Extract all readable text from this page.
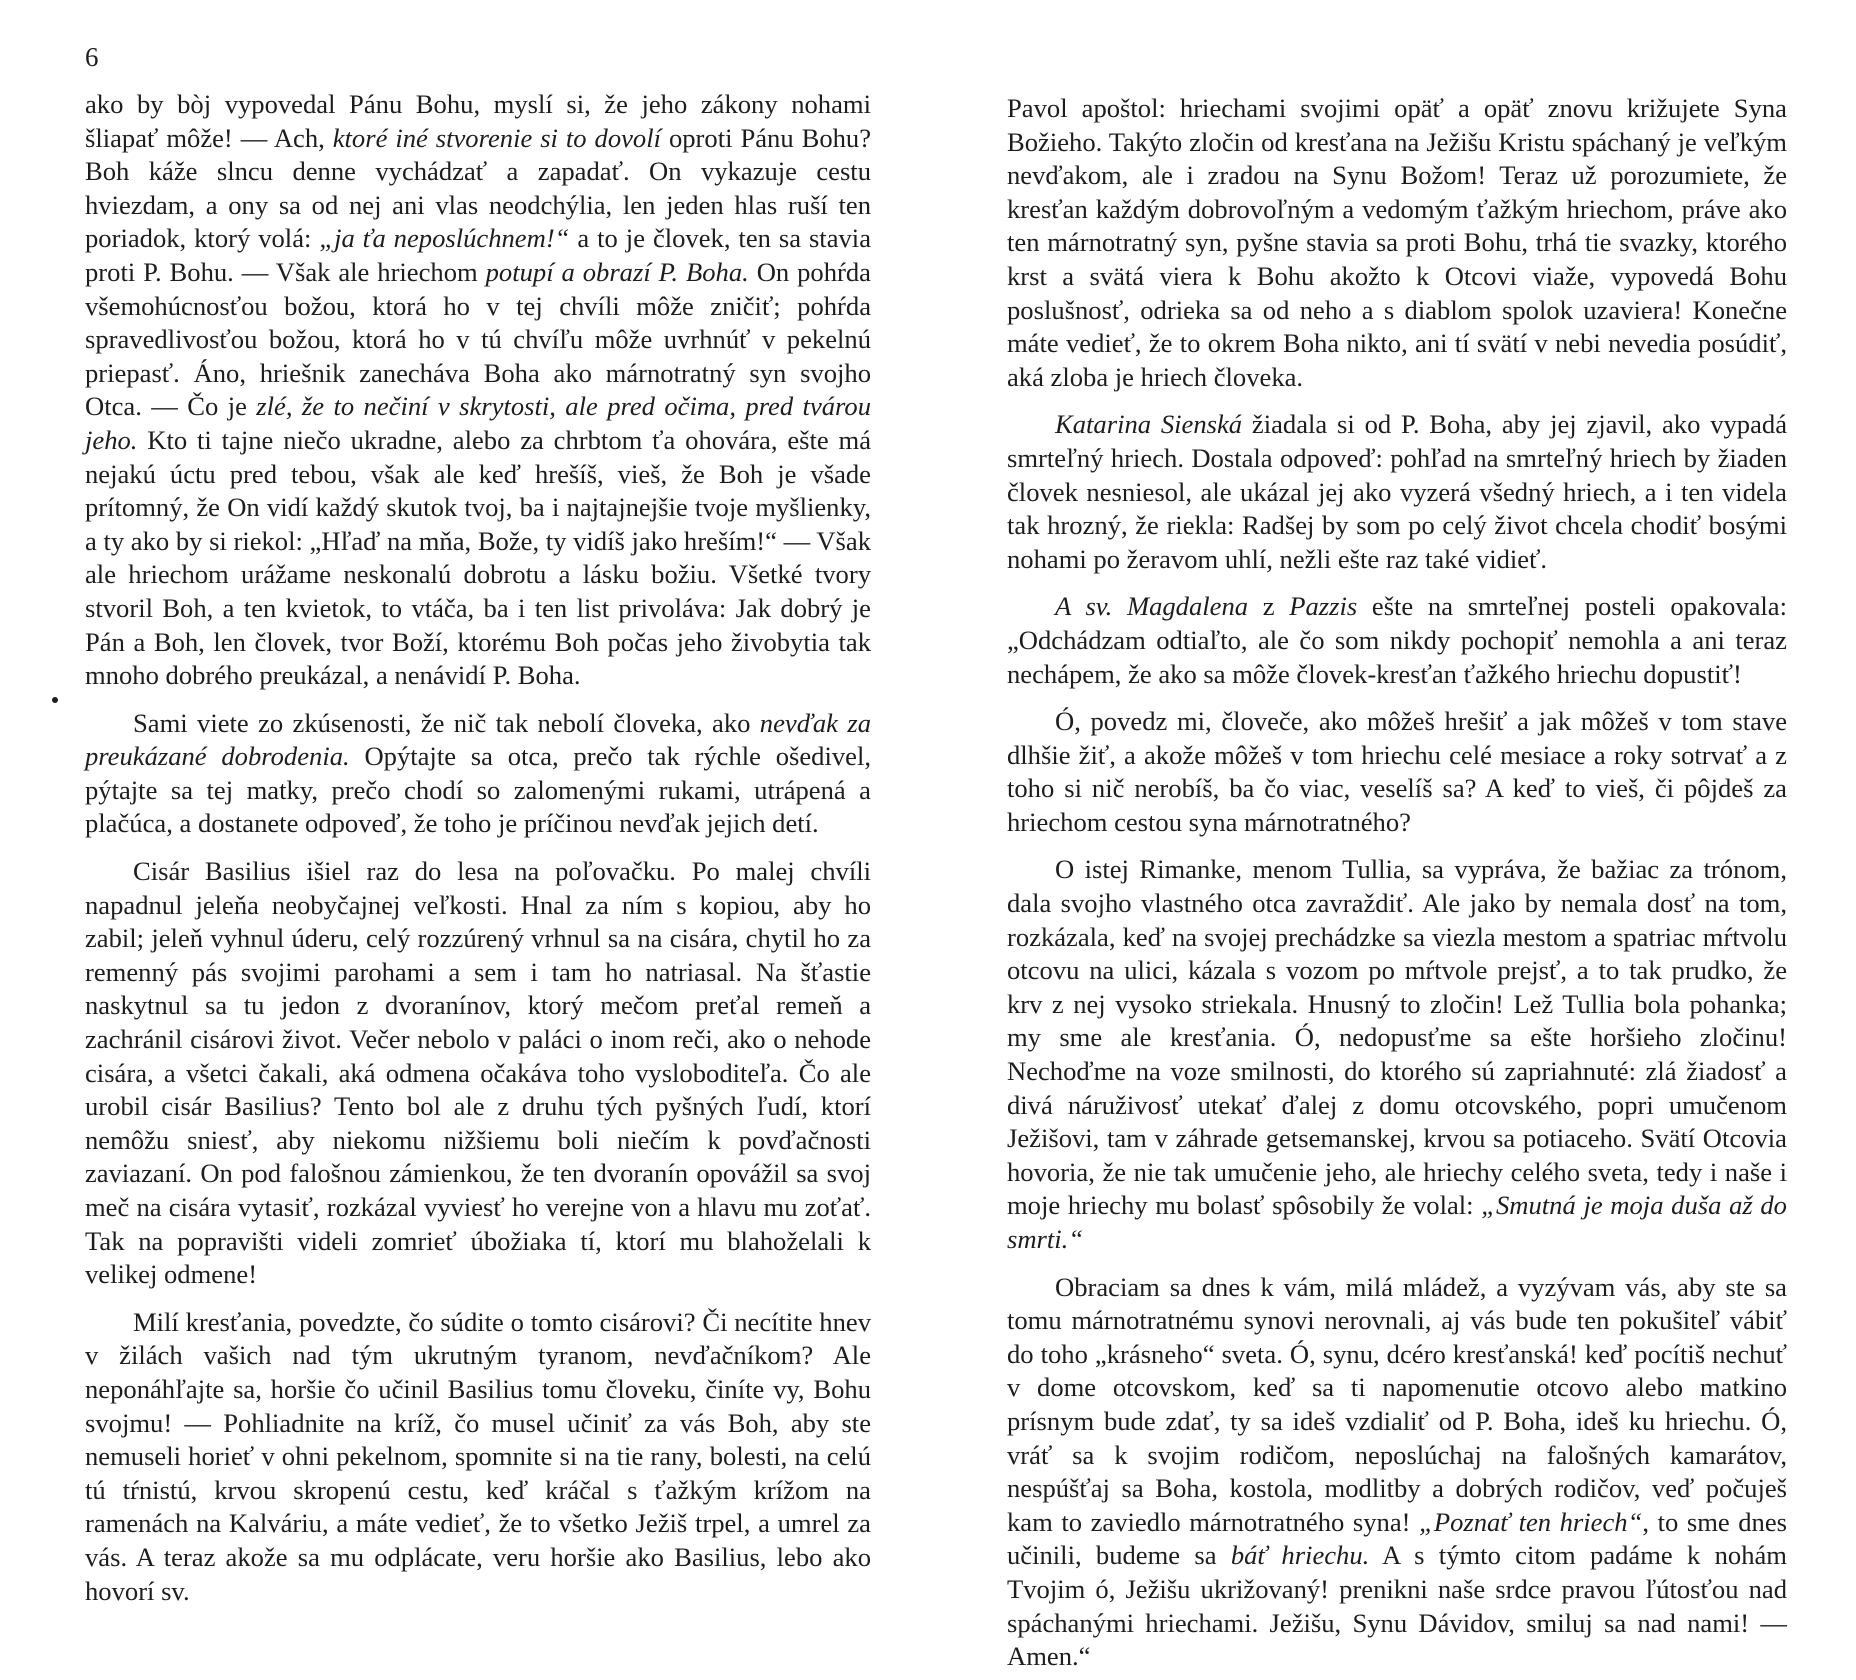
6

ako by bòj vypovedal Pánu Bohu, myslí si, že jeho zákony nohami šliapať môže! — Ach, ktoré iné stvorenie si to dovolí oproti Pánu Bohu? Boh káže slncu denne vychádzať a zapadať. On vykazuje cestu hviezdam, a ony sa od nej ani vlas neodchýlia, len jeden hlas ruší ten poriadok, ktorý volá: „ja ťa neposlúchnem!“ a to je človek, ten sa stavia proti P. Bohu. — Však ale hriechom potupí a obrazí P. Boha. On pohŕda všemohúcnosťou božou, ktorá ho v tej chvíli môže zničiť; pohŕda spravedlivosťou božou, ktorá ho v tú chvíľu môže uvrhnúť v pekelnú priepasť. Áno, hriešnik zanecháva Boha ako márnotratný syn svojho Otca. — Čo je zlé, že to nečiní v skrytosti, ale pred očima, pred tvárou jeho. Kto ti tajne niečo ukradne, alebo za chrbtom ťa ohovára, ešte má nejakú úctu pred tebou, však ale keď hrešíš, vieš, že Boh je všade prítomný, že On vidí každý skutok tvoj, ba i najtajnejšie tvoje myšlienky, a ty ako by si riekol: „Hľaď na mňa, Bože, ty vidíš jako hreším!“ — Však ale hriechom urážame neskonalú dobrotu a lásku božiu. Všetké tvory stvoril Boh, a ten kvietok, to vtáča, ba i ten list privoláva: Jak dobrý je Pán a Boh, len človek, tvor Boží, ktorému Boh počas jeho živobytia tak mnoho dobrého preukázal, a nenávidí P. Boha.

Sami viete zo zkúsenosti, že nič tak nebolí človeka, ako nevďak za preukázané dobrodenia. Opýtajte sa otca, prečo tak rýchle ošedivel, pýtajte sa tej matky, prečo chodí so zalomenými rukami, utrápená a plačúca, a dostanete odpoveď, že toho je príčinou nevďak jejich detí.

Cisár Basilius išiel raz do lesa na poľovačku. Po malej chvíli napadnul jeleňa neobyčajnej veľkosti. Hnal za ním s kopiou, aby ho zabil; jeleň vyhnul úderu, celý rozzúrený vrhnul sa na cisára, chytil ho za remenný pás svojimi parohami a sem i tam ho natriasal. Na šťastie naskytnul sa tu jedon z dvoranínov, ktorý mečom preťal remeň a zachránil cisárovi život. Večer nebolo v paláci o inom reči, ako o nehode cisára, a všetci čakali, aká odmena očakáva toho vysloboditeľa. Čo ale urobil cisár Basilius? Tento bol ale z druhu tých pyšných ľudí, ktorí nemôžu sniesť, aby niekomu nižšiemu boli niečím k povďačnosti zaviazaní. On pod falošnou zámienkou, že ten dvoranín opovážil sa svoj meč na cisára vytasiť, rozkázal vyviesť ho verejne von a hlavu mu zoťať. Tak na popravišti videli zomrieť úbožiaka tí, ktorí mu blahoželali k velikej odmene!

Milí kresťania, povedzte, čo súdite o tomto cisárovi? Či necítite hnev v žilách vašich nad tým ukrutným tyranom, nevďačníkom? Ale neponáhľajte sa, horšie čo učinil Basilius tomu človeku, činíte vy, Bohu svojmu! — Pohliadnite na kríž, čo musel učiniť za vás Boh, aby ste nemuseli horieť v ohni pekelnom, spomnite si na tie rany, bolesti, na celú tú tŕnistú, krvou skropenú cestu, keď kráčal s ťažkým krížom na ramenách na Kalváriu, a máte vedieť, že to všetko Ježiš trpel, a umrel za vás. A teraz akože sa mu odplácate, veru horšie ako Basilius, lebo ako hovorí sv.

Pavol apoštol: hriechami svojimi opäť a opäť znovu križujete Syna Božieho. Takýto zločin od kresťana na Ježišu Kristu spáchaný je veľkým nevďakom, ale i zradou na Synu Božom! Teraz už porozumiete, že kresťan každým dobrovoľným a vedomým ťažkým hriechom, práve ako ten márnotratný syn, pyšne stavia sa proti Bohu, trhá tie svazky, ktorého krst a svätá viera k Bohu akožto k Otcovi viaže, vypovedá Bohu poslušnosť, odrieka sa od neho a s diablom spolok uzaviera! Konečne máte vedieť, že to okrem Boha nikto, ani tí svätí v nebi nevedia posúdiť, aká zloba je hriech človeka.

Katarina Sienská žiadala si od P. Boha, aby jej zjavil, ako vypadá smrteľný hriech. Dostala odpoveď: pohľad na smrteľný hriech by žiaden človek nesniesol, ale ukázal jej ako vyzerá všedný hriech, a i ten videla tak hrozný, že riekla: Radšej by som po celý život chcela chodiť bosými nohami po žeravom uhlí, nežli ešte raz také vidieť.

A sv. Magdalena z Pazzis ešte na smrteľnej posteli opakovala: „Odchádzam odtiaľto, ale čo som nikdy pochopiť nemohla a ani teraz nechápem, že ako sa môže človek-kresťan ťažkého hriechu dopustiť!

Ó, povedz mi, človeče, ako môžeš hrešiť a jak môžeš v tom stave dlhšie žiť, a akože môžeš v tom hriechu celé mesiace a roky sotrvať a z toho si nič nerobíš, ba čo viac, veselíš sa? A keď to vieš, či pôjdeš za hriechom cestou syna márnotratného?

O istej Rimanke, menom Tullia, sa vypráva, že bažiac za trónom, dala svojho vlastného otca zavraždiť. Ale jako by nemala dosť na tom, rozkázala, keď na svojej prechádzke sa viezla mestom a spatriac mŕtvolu otcovu na ulici, kázala s vozom po mŕtvole prejsť, a to tak prudko, že krv z nej vysoko striekala. Hnusný to zločin! Lež Tullia bola pohanka; my sme ale kresťania. Ó, nedopusťme sa ešte horšieho zločinu! Nechoďme na voze smilnosti, do ktorého sú zapriahnuté: zlá žiadosť a divá náruživosť utekať ďalej z domu otcovského, popri umučenom Ježišovi, tam v záhrade getsemanskej, krvou sa potiaceho. Svätí Otcovia hovoria, že nie tak umučenie jeho, ale hriechy celého sveta, tedy i naše i moje hriechy mu bolasť spôsobily že volal: „Smutná je moja duša až do smrti.“

Obraciam sa dnes k vám, milá mládež, a vyzývam vás, aby ste sa tomu márnotratnému synovi nerovnali, aj vás bude ten pokušiteľ vábiť do toho „krásneho“ sveta. Ó, synu, dcéro kresťanská! keď pocítiš nechuť v dome otcovskom, keď sa ti napomenutie otcovo alebo matkino prísnym bude zdať, ty sa ideš vzdialiť od P. Boha, ideš ku hriechu. Ó, vráť sa k svojim rodičom, neposlúchaj na falošných kamarátov, nespúšťaj sa Boha, kostola, modlitby a dobrých rodičov, veď počuješ kam to zaviedlo márnotratného syna! „Poznať ten hriech“, to sme dnes učinili, budeme sa báť hriechu. A s týmto citom padáme k nohám Tvojim ó, Ježišu ukrižovaný! prenikni naše srdce pravou ľútosťou nad spáchanými hriechami. Ježišu, Synu Dávidov, smiluj sa nad nami! — Amen.“
